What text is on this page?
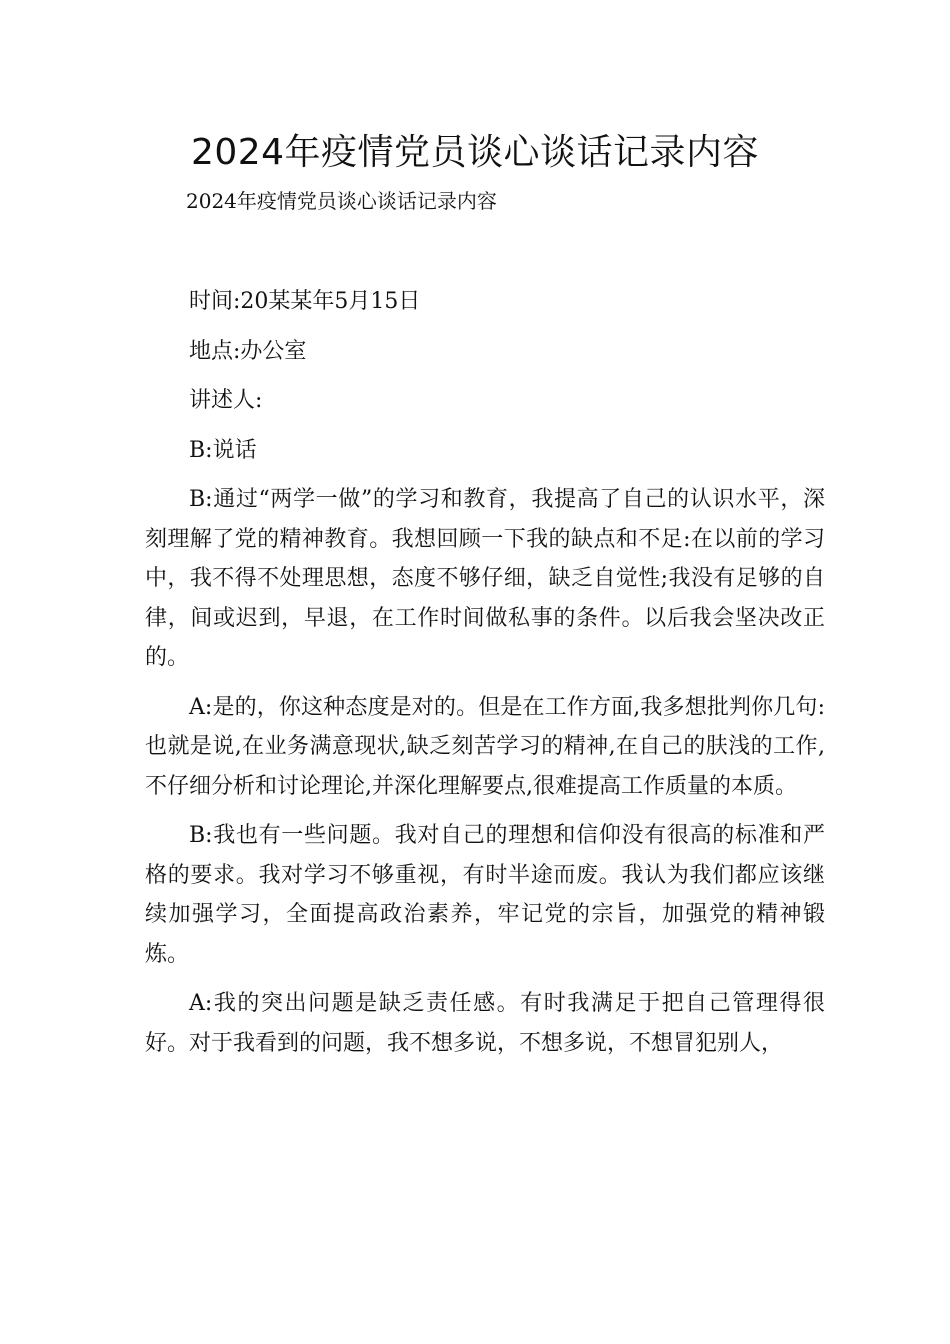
2024年疫情党员谈心谈话记录内容
2024年疫情党员谈心谈话记录内容

时间:20某某年5月15日

地点:办公室

讲述人:

B:说话

B:通过“两学一做”的学习和教育，我提高了自己的认识水平，深刻理解了党的精神教育。我想回顾一下我的缺点和不足:在以前的学习中，我不得不处理思想，态度不够仔细，缺乏自觉性;我没有足够的自律，间或迟到，早退，在工作时间做私事的条件。以后我会坚决改正的。

A:是的，你这种态度是对的。但是在工作方面,我多想批判你几句:也就是说,在业务满意现状,缺乏刻苦学习的精神,在自己的肤浅的工作,不仔细分析和讨论理论,并深化理解要点,很难提高工作质量的本质。

B:我也有一些问题。我对自己的理想和信仰没有很高的标准和严格的要求。我对学习不够重视，有时半途而废。我认为我们都应该继续加强学习，全面提高政治素养，牢记党的宗旨，加强党的精神锻炼。

A:我的突出问题是缺乏责任感。有时我满足于把自己管理得很好。对于我看到的问题，我不想多说，不想多说，不想冒犯别人，
